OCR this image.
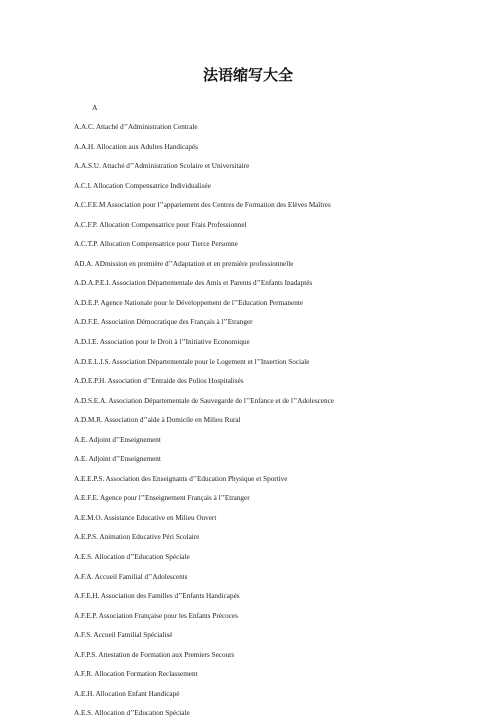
法语缩写大全
A
A.A.C. Attaché d’’Administration Centrale
A.A.H. Allocation aux Adultes Handicapés
A.A.S.U. Attaché d’’Administration Scolaire et Universitaire
A.C.I. Allocation Compensatrice Individualisée
A.C.F.E.M Association pour l’’appariement des Centres de Formation des Elèves Maîtres
A.C.F.P. Allocation Compensatrice pour Frais Professionnel
A.C.T.P. Allocation Compensatrice pour Tierce Personne
AD.A. ADmission en première d’’Adaptation et en première professionnelle
A.D.A.P.E.I. Association Départementale des Amis et Parents d’’Enfants Inadaptés
A.D.E.P. Agence Nationale pour le Développement de l’’Education Permanente
A.D.F.E. Association Démocratique des Français à l’’Etranger
A.D.I.E. Association pour le Droit à l’’Initiative Economique
A.D.E.L.I.S. Association Départementale pour le Logement et l’’Insertion Sociale
A.D.E.P.H. Association d’’Entraide des Polios Hospitalisés
A.D.S.E.A. Association Départementale de Sauvegarde de l’’Enfance et de l’’Adolescence
A.D.M.R. Association d’’aide à Domicile en Milieu Rural
A.E. Adjoint d’’Enseignement
A.E. Adjoint d’’Enseignement
A.E.E.P.S. Association des Enseignants d’’Education Physique et Sportive
A.E.F.E. Agence pour l’’Enseignement Français à l’’Etranger
A.E.M.O. Assistance Educative en Milieu Ouvert
A.E.P.S. Animation Educative Péri Scolaire
A.E.S. Allocation d’’Education Spéciale
A.F.A. Accueil Familial d’’Adolescents
A.F.E.H. Association des Familles d’’Enfants Handicapés
A.F.E.P. Association Française pour les Enfants Précoces
A.F.S. Accueil Familial Spécialisé
A.F.P.S. Attestation de Formation aux Premiers Secours
A.F.R. Allocation Formation Reclassement
A.E.H. Allocation Enfant Handicapé
A.E.S. Allocation d’’Education Spéciale
